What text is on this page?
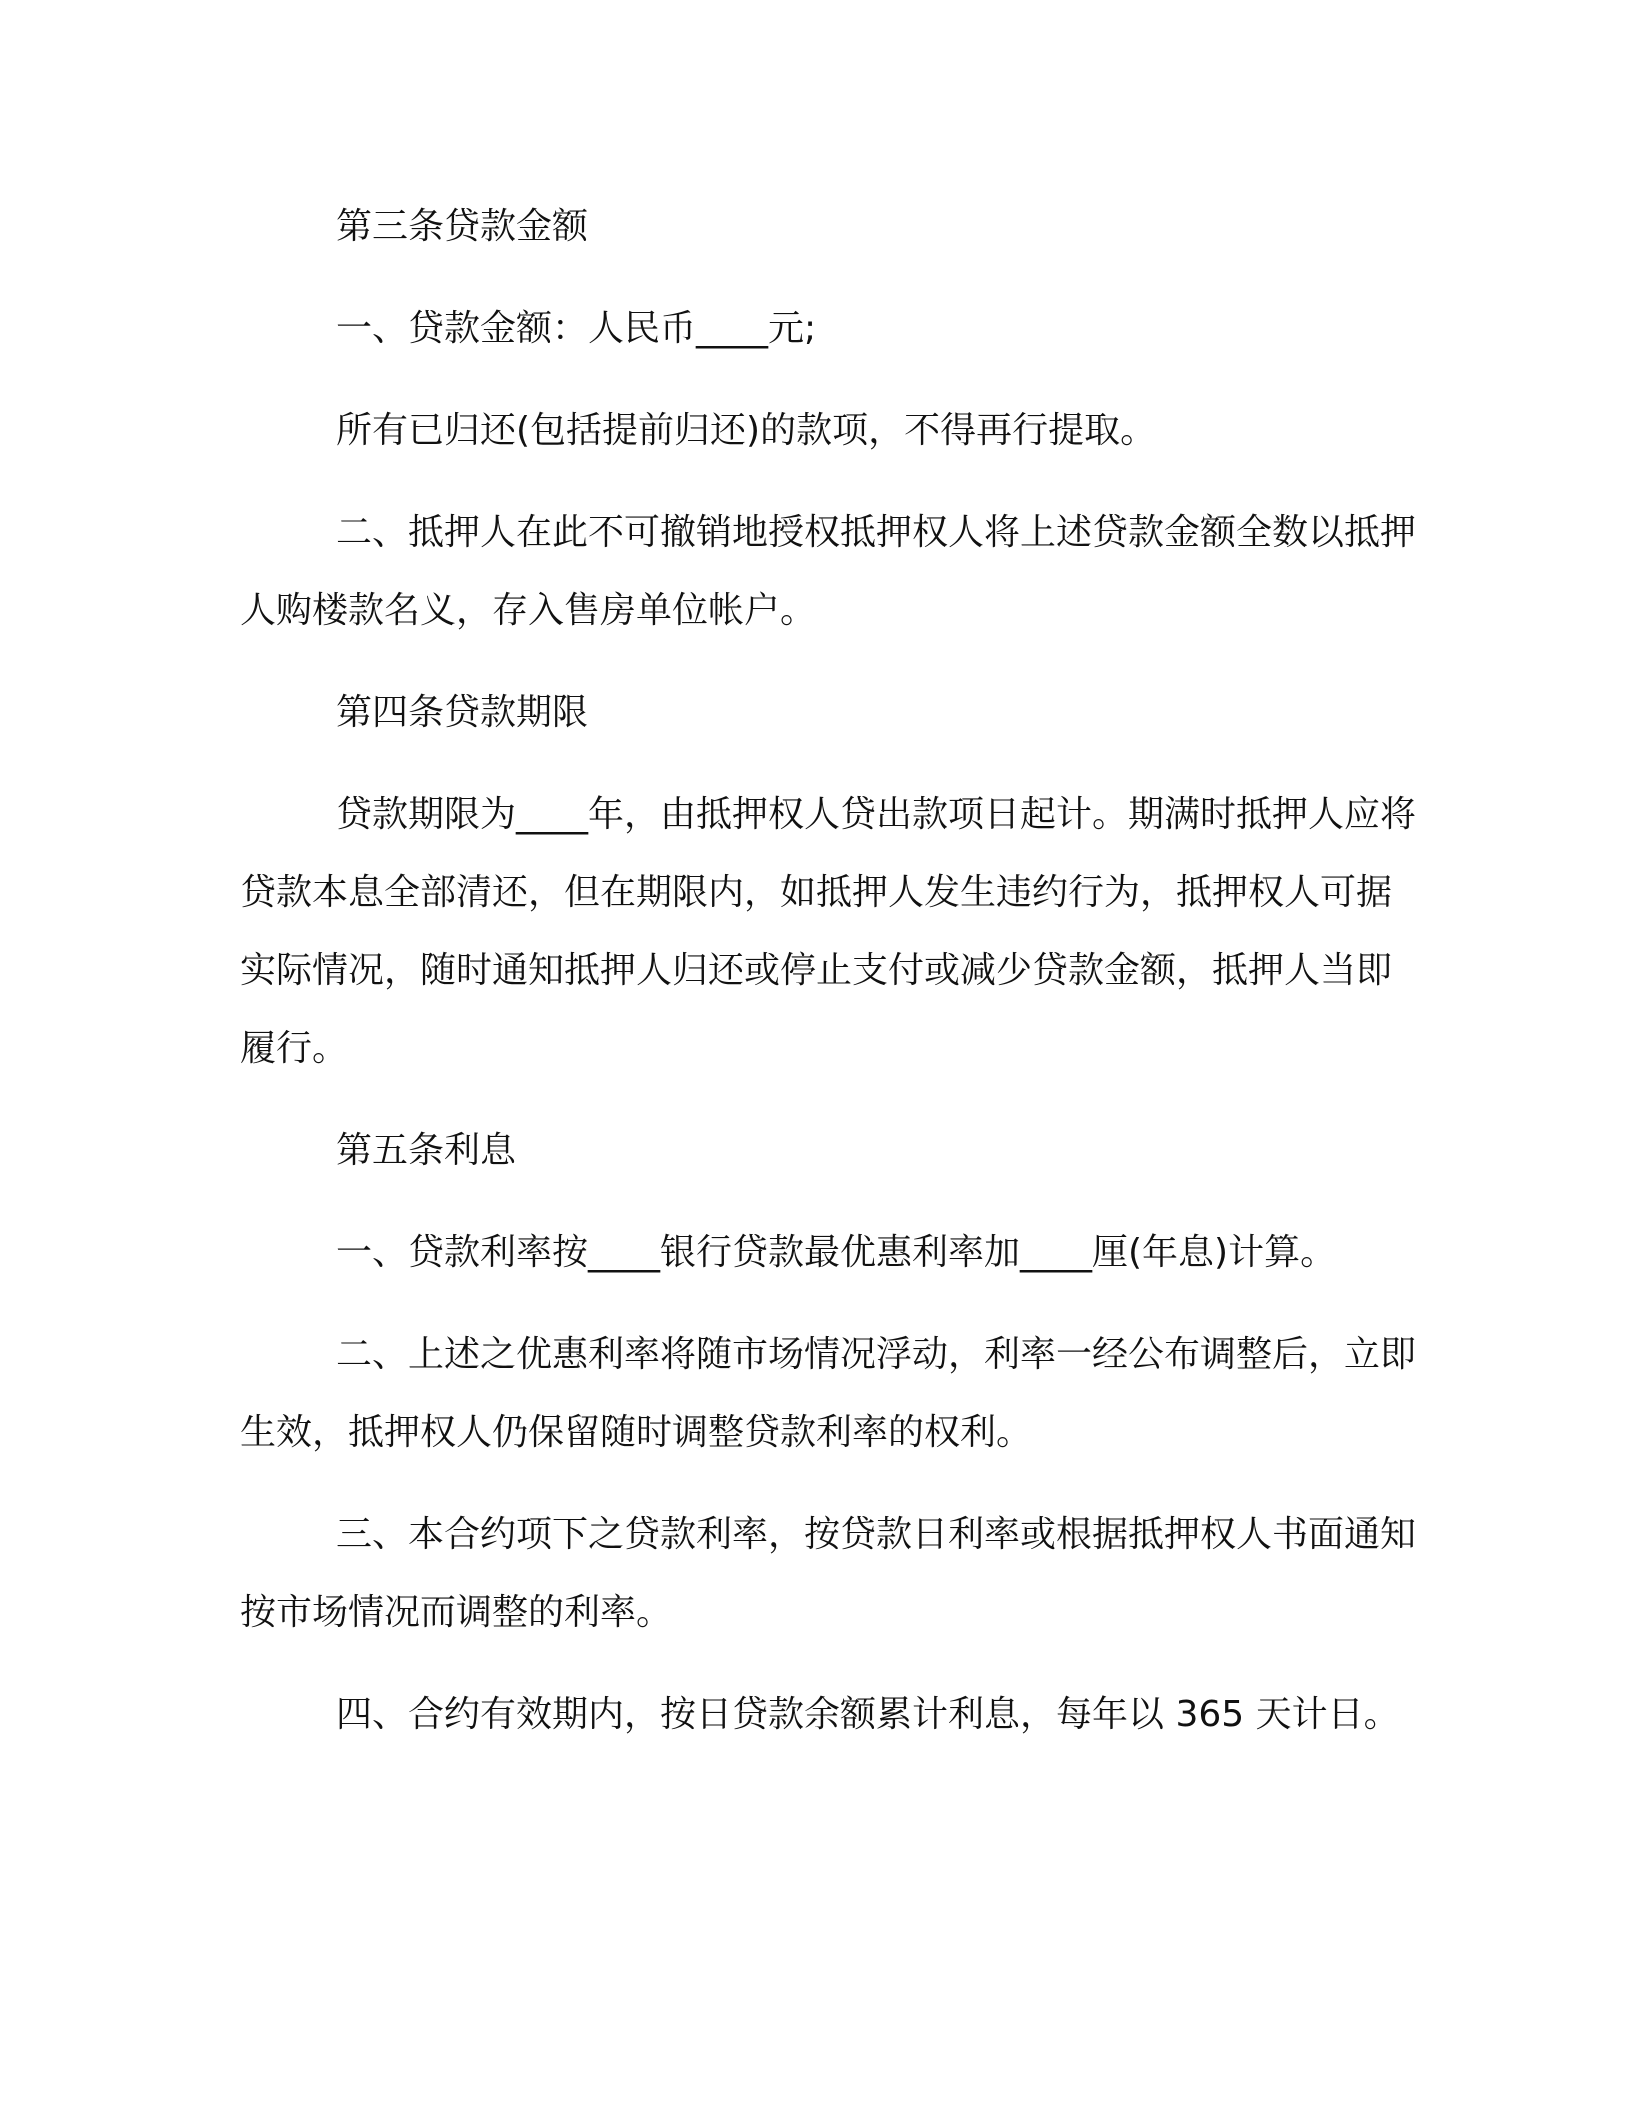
第三条贷款金额

一、贷款金额：人民币____元;

所有已归还(包括提前归还)的款项，不得再行提取。

二、抵押人在此不可撤销地授权抵押权人将上述贷款金额全数以抵押人购楼款名义，存入售房单位帐户。

第四条贷款期限

贷款期限为____年，由抵押权人贷出款项日起计。期满时抵押人应将贷款本息全部清还，但在期限内，如抵押人发生违约行为，抵押权人可据实际情况，随时通知抵押人归还或停止支付或减少贷款金额，抵押人当即履行。

第五条利息

一、贷款利率按____银行贷款最优惠利率加____厘(年息)计算。

二、上述之优惠利率将随市场情况浮动，利率一经公布调整后，立即生效，抵押权人仍保留随时调整贷款利率的权利。

三、本合约项下之贷款利率，按贷款日利率或根据抵押权人书面通知按市场情况而调整的利率。

四、合约有效期内，按日贷款余额累计利息，每年以 365 天计日。
